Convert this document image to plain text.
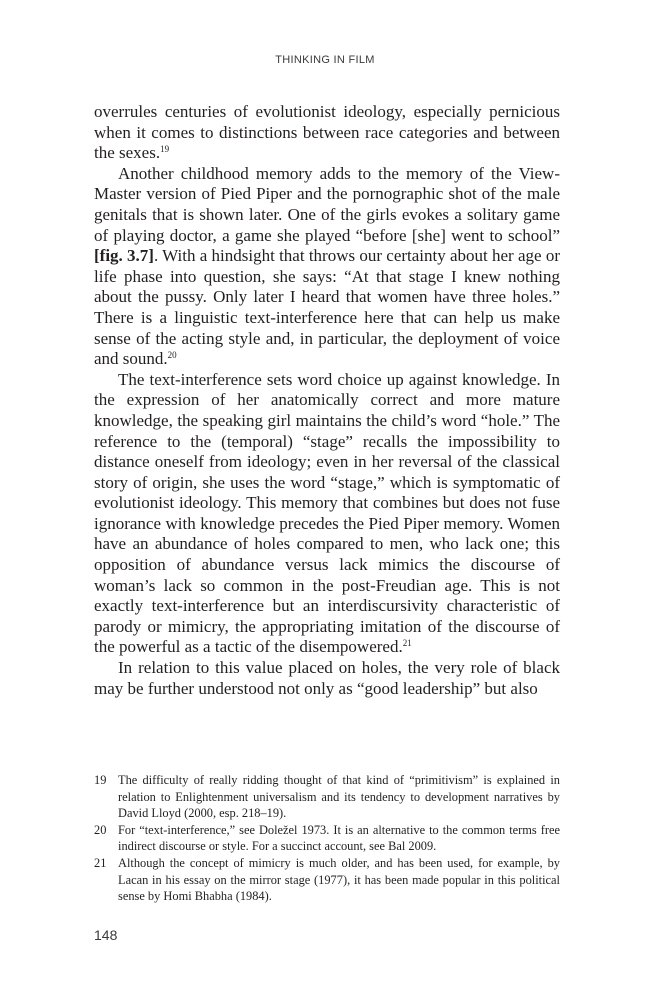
THINKING IN FILM

overrules centuries of evolutionist ideology, especially pernicious when it comes to distinctions between race categories and between the sexes.$^{19}$

Another childhood memory adds to the memory of the View-Master version of Pied Piper and the pornographic shot of the male genitals that is shown later. One of the girls evokes a solitary game of playing doctor, a game she played “before [she] went to school” [fig. 3.7]. With a hindsight that throws our certainty about her age or life phase into question, she says: “At that stage I knew nothing about the pussy. Only later I heard that women have three holes.” There is a linguistic text-interference here that can help us make sense of the acting style and, in particular, the deployment of voice and sound.$^{20}$

The text-interference sets word choice up against knowledge. In the expression of her anatomically correct and more mature knowledge, the speaking girl maintains the child’s word “hole.” The reference to the (temporal) “stage” recalls the impossibility to distance oneself from ideology; even in her reversal of the classical story of origin, she uses the word “stage,” which is symptomatic of evolutionist ideology. This memory that combines but does not fuse ignorance with knowledge precedes the Pied Piper memory. Women have an abundance of holes compared to men, who lack one; this opposition of abundance versus lack mimics the discourse of woman’s lack so common in the post-Freudian age. This is not exactly text-interference but an interdiscursivity characteristic of parody or mimicry, the appropriating imitation of the discourse of the powerful as a tactic of the disempowered.$^{21}$

In relation to this value placed on holes, the very role of black may be further understood not only as “good leadership” but also

19 The difficulty of really ridding thought of that kind of “primitivism” is explained in relation to Enlightenment universalism and its tendency to development narratives by David Lloyd (2000, esp. 218–19).
20 For “text-interference,” see Doležel 1973. It is an alternative to the common terms free indirect discourse or style. For a succinct account, see Bal 2009.
21 Although the concept of mimicry is much older, and has been used, for example, by Lacan in his essay on the mirror stage (1977), it has been made popular in this political sense by Homi Bhabha (1984).
148
